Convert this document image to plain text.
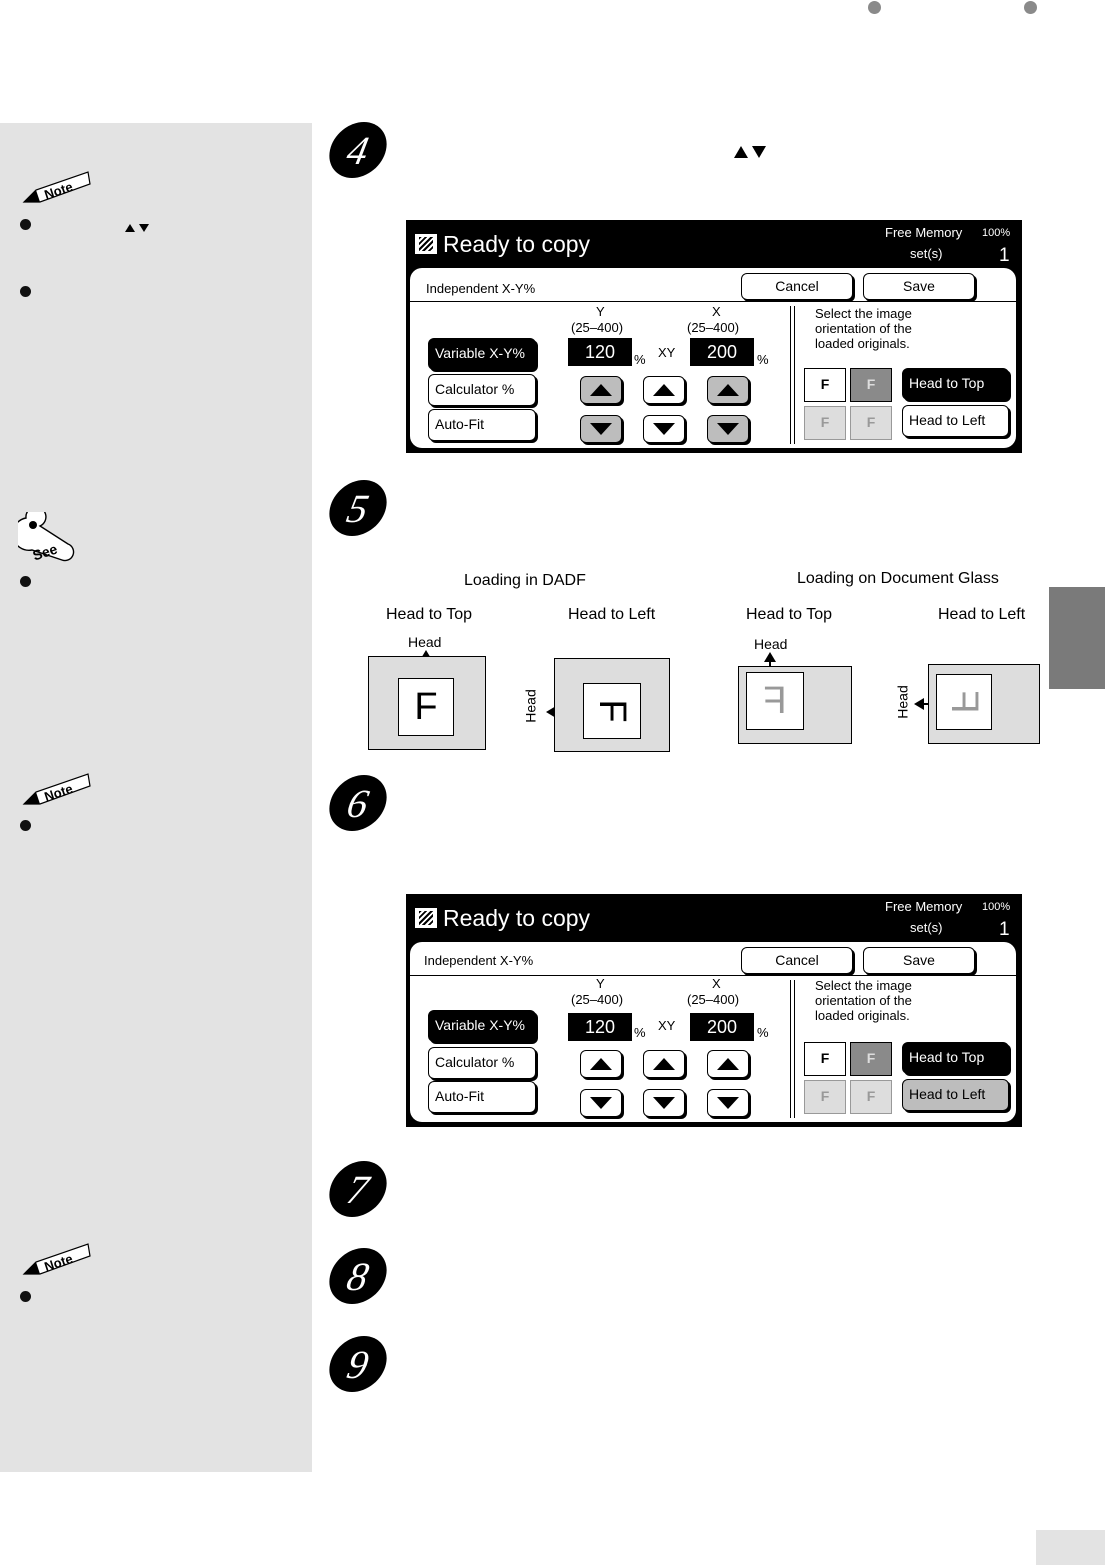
Note

See
Note
Note
4
5
6
7
8
9

Ready to copy	Free Memory 100%
set(s)	1
Independent X-Y%	Cancel	Save
Variable X-Y%
Calculator %
Auto-Fit
Y
(25–400)
X
(25–400)
120	% XY	200	%
Select the image
orientation of the
loaded originals.
F	F
F	F
Head to Top
Head to Left
Loading in DADF	Loading on Document Glass
Head to Top	Head to Left	Head to Top	Head to Left
Head
F	Head F
Head
F	Head F
Ready to copy	Free Memory 100%
set(s)	1
Independent X-Y%	Cancel	Save
Variable X-Y%
Calculator %
Auto-Fit
Y
(25–400)
X
(25–400)
120	% XY	200	%
Select the image
orientation of the
loaded originals.
F	F
F	F
Head to Top
Head to Left
